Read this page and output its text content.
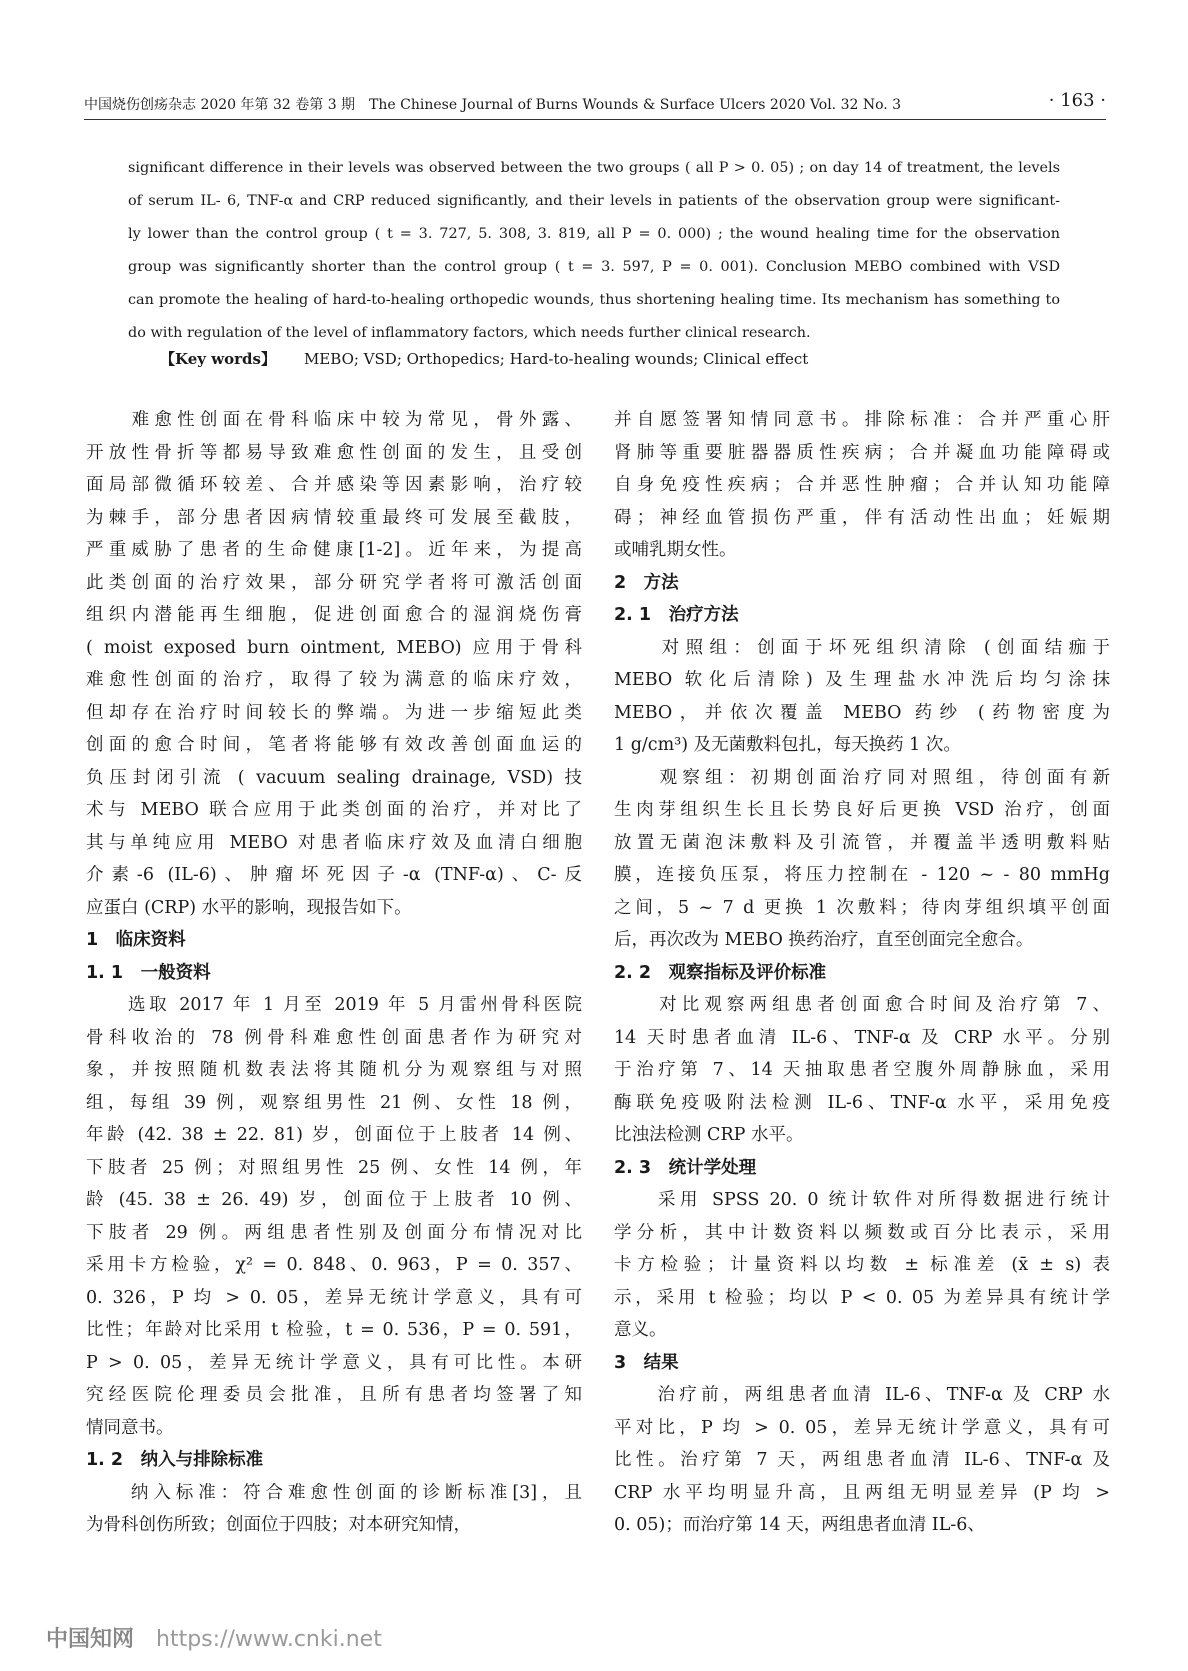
中国烧伤创疡杂志 2020 年第 32 卷第 3 期　The Chinese Journal of Burns Wounds & Surface Ulcers 2020 Vol. 32 No. 3	· 163 ·
significant difference in their levels was observed between the two groups ( all P > 0. 05) ; on day 14 of treatment, the levels
of serum IL- 6, TNF-α and CRP reduced significantly, and their levels in patients of the observation group were significant-
ly lower than the control group ( t = 3. 727, 5. 308, 3. 819, all P = 0. 000) ; the wound healing time for the observation
group was significantly shorter than the control group ( t = 3. 597, P = 0. 001). Conclusion MEBO combined with VSD
can promote the healing of hard-to-healing orthopedic wounds, thus shortening healing time. Its mechanism has something to
do with regulation of the level of inflammatory factors, which needs further clinical research.
【Key words】 MEBO; VSD; Orthopedics; Hard-to-healing wounds; Clinical effect
　　难愈性创面在骨科临床中较为常见，骨外露、
开放性骨折等都易导致难愈性创面的发生，且受创
面局部微循环较差、合并感染等因素影响，治疗较
为棘手，部分患者因病情较重最终可发展至截肢，
严重威胁了患者的生命健康[1-2]。近年来，为提高
此类创面的治疗效果，部分研究学者将可激活创面
组织内潜能再生细胞，促进创面愈合的湿润烧伤膏
( moist exposed burn ointment, MEBO) 应用于骨科
难愈性创面的治疗，取得了较为满意的临床疗效，
但却存在治疗时间较长的弊端。为进一步缩短此类
创面的愈合时间，笔者将能够有效改善创面血运的
负压封闭引流 ( vacuum sealing drainage, VSD) 技
术与 MEBO 联合应用于此类创面的治疗，并对比了
其与单纯应用 MEBO 对患者临床疗效及血清白细胞
介素-6 (IL-6)、肿瘤坏死因子-α (TNF-α)、C-反
应蛋白 (CRP) 水平的影响，现报告如下。
1　临床资料
1. 1　一般资料
　　选取 2017 年 1 月至 2019 年 5 月雷州骨科医院
骨科收治的 78 例骨科难愈性创面患者作为研究对
象，并按照随机数表法将其随机分为观察组与对照
组，每组 39 例，观察组男性 21 例、女性 18 例，
年龄 (42. 38 ± 22. 81) 岁，创面位于上肢者 14 例、
下肢者 25 例；对照组男性 25 例、女性 14 例，年
龄 (45. 38 ± 26. 49) 岁，创面位于上肢者 10 例、
下肢者 29 例。两组患者性别及创面分布情况对比
采用卡方检验，χ² = 0. 848、0. 963，P = 0. 357、
0. 326，P 均 > 0. 05，差异无统计学意义，具有可
比性；年龄对比采用 t 检验，t = 0. 536，P = 0. 591，
P > 0. 05，差异无统计学意义，具有可比性。本研
究经医院伦理委员会批准，且所有患者均签署了知
情同意书。
1. 2　纳入与排除标准
　　纳入标准：符合难愈性创面的诊断标准[3]，且
为骨科创伤所致；创面位于四肢；对本研究知情，
并自愿签署知情同意书。排除标准：合并严重心肝
肾肺等重要脏器器质性疾病；合并凝血功能障碍或
自身免疫性疾病；合并恶性肿瘤；合并认知功能障
碍；神经血管损伤严重，伴有活动性出血；妊娠期
或哺乳期女性。
2　方法
2. 1　治疗方法
　　对照组：创面于坏死组织清除 (创面结痂于
MEBO 软化后清除) 及生理盐水冲洗后均匀涂抹
MEBO，并依次覆盖 MEBO 药纱 (药物密度为
1 g/cm³) 及无菌敷料包扎，每天换药 1 次。
　　观察组：初期创面治疗同对照组，待创面有新
生肉芽组织生长且长势良好后更换 VSD 治疗，创面
放置无菌泡沫敷料及引流管，并覆盖半透明敷料贴
膜，连接负压泵，将压力控制在 - 120 ~ - 80 mmHg
之间，5 ~ 7 d 更换 1 次敷料；待肉芽组织填平创面
后，再次改为 MEBO 换药治疗，直至创面完全愈合。
2. 2　观察指标及评价标准
　　对比观察两组患者创面愈合时间及治疗第 7、
14 天时患者血清 IL-6、TNF-α 及 CRP 水平。分别
于治疗第 7、14 天抽取患者空腹外周静脉血，采用
酶联免疫吸附法检测 IL-6、TNF-α 水平，采用免疫
比浊法检测 CRP 水平。
2. 3　统计学处理
　　采用 SPSS 20. 0 统计软件对所得数据进行统计
学分析，其中计数资料以频数或百分比表示，采用
卡方检验；计量资料以均数 ± 标准差 (x̄ ± s) 表
示，采用 t 检验；均以 P < 0. 05 为差异具有统计学
意义。
3　结果
　　治疗前，两组患者血清 IL-6、TNF-α 及 CRP 水
平对比，P 均 > 0. 05，差异无统计学意义，具有可
比性。治疗第 7 天，两组患者血清 IL-6、TNF-α 及
CRP 水平均明显升高，且两组无明显差异 (P 均 >
0. 05)；而治疗第 14 天，两组患者血清 IL-6、
中国知网 https://www.cnki.net
